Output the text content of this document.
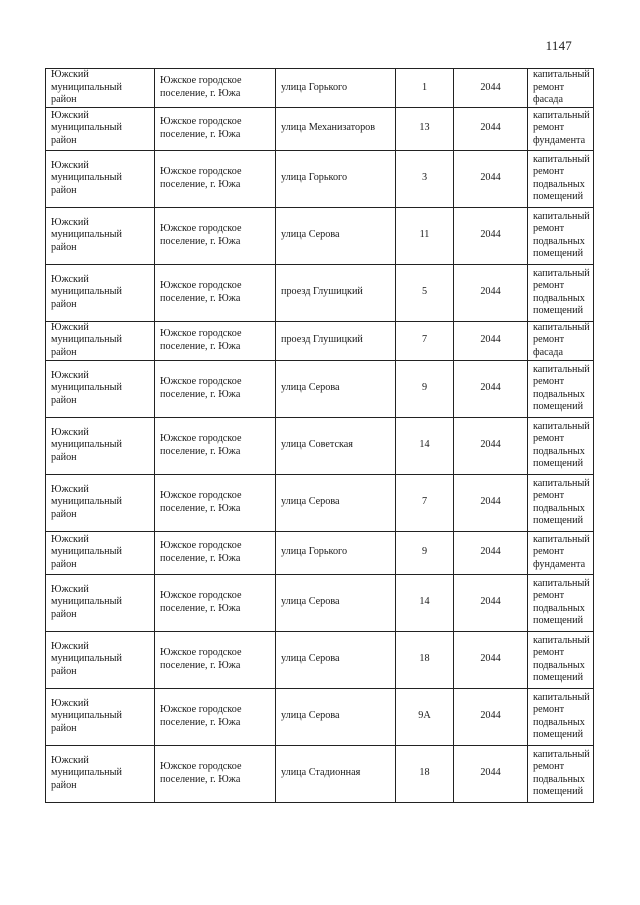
1147
Южский муниципальный район	Южское городское поселение, г. Южа	улица Горького	1	2044	капитальный ремонт фасада
Южский муниципальный район	Южское городское поселение, г. Южа	улица Механизаторов	13	2044	капитальный ремонт фундамента
Южский муниципальный район	Южское городское поселение, г. Южа	улица Горького	3	2044	капитальный ремонт подвальных помещений
Южский муниципальный район	Южское городское поселение, г. Южа	улица Серова	11	2044	капитальный ремонт подвальных помещений
Южский муниципальный район	Южское городское поселение, г. Южа	проезд Глушицкий	5	2044	капитальный ремонт подвальных помещений
Южский муниципальный район	Южское городское поселение, г. Южа	проезд Глушицкий	7	2044	капитальный ремонт фасада
Южский муниципальный район	Южское городское поселение, г. Южа	улица Серова	9	2044	капитальный ремонт подвальных помещений
Южский муниципальный район	Южское городское поселение, г. Южа	улица Советская	14	2044	капитальный ремонт подвальных помещений
Южский муниципальный район	Южское городское поселение, г. Южа	улица Серова	7	2044	капитальный ремонт подвальных помещений
Южский муниципальный район	Южское городское поселение, г. Южа	улица Горького	9	2044	капитальный ремонт фундамента
Южский муниципальный район	Южское городское поселение, г. Южа	улица Серова	14	2044	капитальный ремонт подвальных помещений
Южский муниципальный район	Южское городское поселение, г. Южа	улица Серова	18	2044	капитальный ремонт подвальных помещений
Южский муниципальный район	Южское городское поселение, г. Южа	улица Серова	9А	2044	капитальный ремонт подвальных помещений
Южский муниципальный район	Южское городское поселение, г. Южа	улица Стадионная	18	2044	капитальный ремонт подвальных помещений
